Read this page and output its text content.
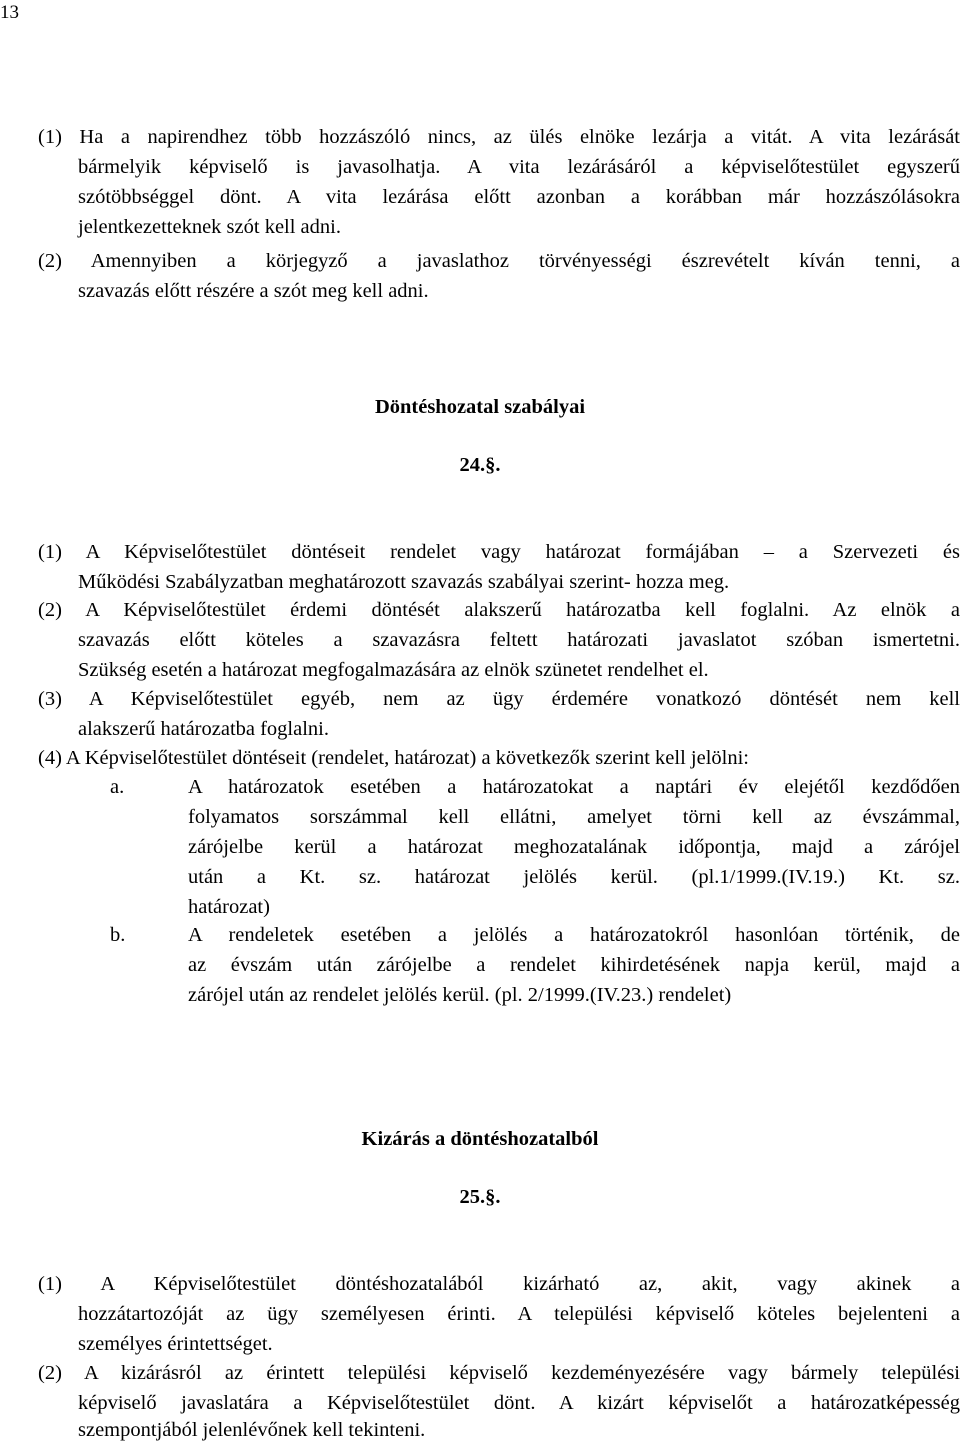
13
(1) Ha a napirendhez több hozzászóló nincs, az ülés elnöke lezárja a vitát. A vita lezárását
bármelyik képviselő is javasolhatja. A vita lezárásáról a képviselőtestület egyszerű
szótöbbséggel dönt. A vita lezárása előtt azonban a korábban már hozzászólásokra
jelentkezetteknek szót kell adni.
(2) Amennyiben a körjegyző a javaslathoz törvényességi észrevételt kíván tenni, a
szavazás előtt részére a szót meg kell adni.
Döntéshozatal szabályai
24.§.
(1) A Képviselőtestület döntéseit rendelet vagy határozat formájában – a Szervezeti és
Működési Szabályzatban meghatározott szavazás szabályai szerint- hozza meg.
(2) A Képviselőtestület érdemi döntését alakszerű határozatba kell foglalni. Az elnök a
szavazás előtt köteles a szavazásra feltett határozati javaslatot szóban ismertetni.
Szükség esetén a határozat megfogalmazására az elnök szünetet rendelhet el.
(3) A Képviselőtestület egyéb, nem az ügy érdemére vonatkozó döntését nem kell
alakszerű határozatba foglalni.
(4) A Képviselőtestület döntéseit (rendelet, határozat) a következők szerint kell jelölni:
a.	A határozatok esetében a határozatokat a naptári év elejétől kezdődően
folyamatos sorszámmal kell ellátni, amelyet törni kell az évszámmal,
zárójelbe kerül a határozat meghozatalának időpontja, majd a zárójel
után a Kt. sz. határozat jelölés kerül. (pl.1/1999.(IV.19.) Kt. sz.
határozat)
b.	A rendeletek esetében a jelölés a határozatokról hasonlóan történik, de
az évszám után zárójelbe a rendelet kihirdetésének napja kerül, majd a
zárójel után az rendelet jelölés kerül. (pl. 2/1999.(IV.23.) rendelet)
Kizárás a döntéshozatalból
25.§.
(1) A Képviselőtestület döntéshozatalából kizárható az, akit, vagy akinek a
hozzátartozóját az ügy személyesen érinti. A települési képviselő köteles bejelenteni a
személyes érintettséget.
(2) A kizárásról az érintett települési képviselő kezdeményezésére vagy bármely települési
képviselő javaslatára a Képviselőtestület dönt. A kizárt képviselőt a határozatképesség
szempontjából jelenlévőnek kell tekinteni.
